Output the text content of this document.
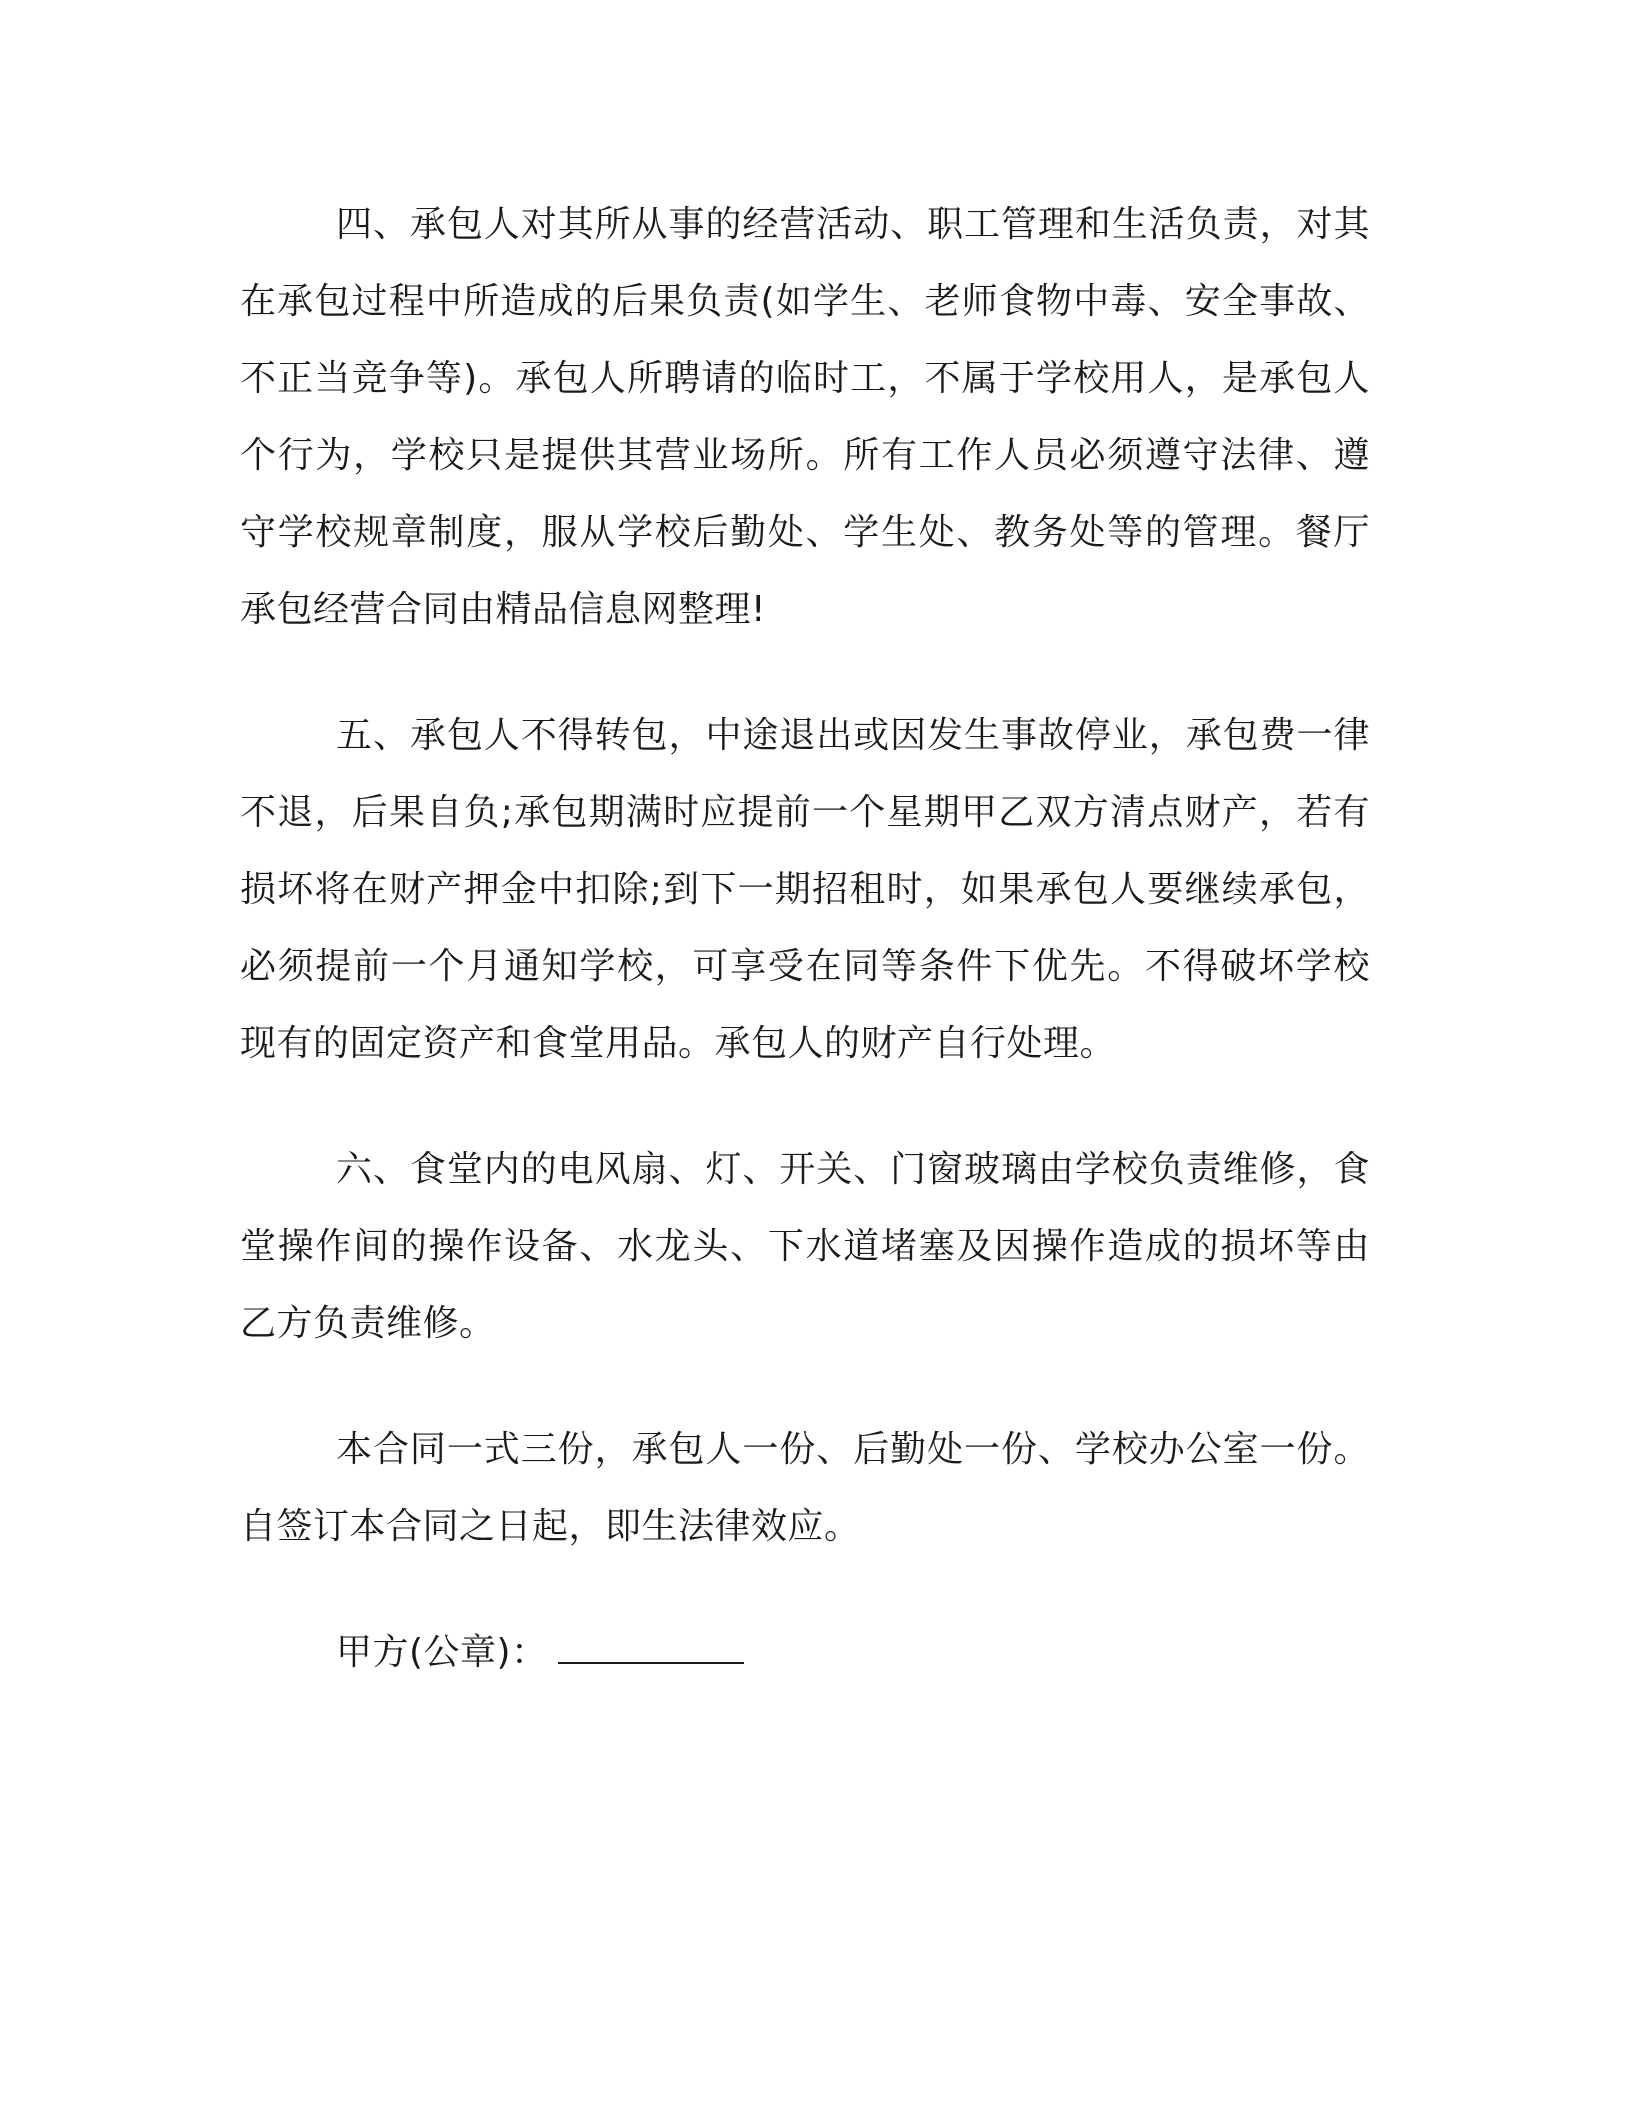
四、承包人对其所从事的经营活动、职工管理和生活负责，对其在承包过程中所造成的后果负责(如学生、老师食物中毒、安全事故、不正当竞争等)。承包人所聘请的临时工，不属于学校用人，是承包人个行为，学校只是提供其营业场所。所有工作人员必须遵守法律、遵守学校规章制度，服从学校后勤处、学生处、教务处等的管理。餐厅承包经营合同由精品信息网整理!

五、承包人不得转包，中途退出或因发生事故停业，承包费一律不退，后果自负;承包期满时应提前一个星期甲乙双方清点财产，若有损坏将在财产押金中扣除;到下一期招租时，如果承包人要继续承包，必须提前一个月通知学校，可享受在同等条件下优先。不得破坏学校现有的固定资产和食堂用品。承包人的财产自行处理。

六、食堂内的电风扇、灯、开关、门窗玻璃由学校负责维修，食堂操作间的操作设备、水龙头、下水道堵塞及因操作造成的损坏等由乙方负责维修。

本合同一式三份，承包人一份、后勤处一份、学校办公室一份。自签订本合同之日起，即生法律效应。

甲方(公章)：
